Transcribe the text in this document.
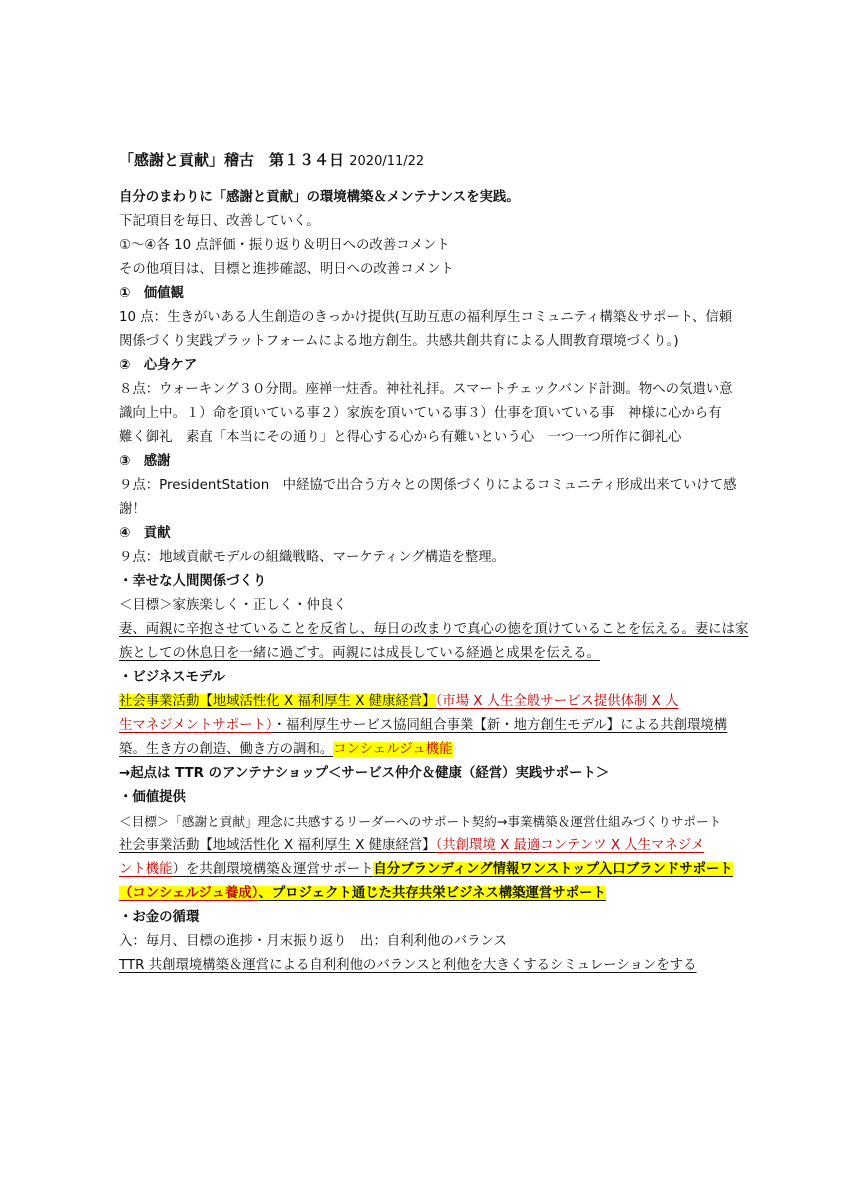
「感謝と貢献」稽古　第１３４日 2020/11/22
自分のまわりに「感謝と貢献」の環境構築＆メンテナンスを実践。
下記項目を毎日、改善していく。
①～④各 10 点評価・振り返り＆明日への改善コメント
その他項目は、目標と進捗確認、明日への改善コメント
①　価値観
10 点：生きがいある人生創造のきっかけ提供(互助互恵の福利厚生コミュニティ構築＆サポート、信頼
関係づくり実践プラットフォームによる地方創生。共感共創共育による人間教育環境づくり。)
②　心身ケア
８点：ウォーキング３０分間。座禅一炷香。神社礼拝。スマートチェックバンド計測。物への気遣い意
識向上中。１）命を頂いている事２）家族を頂いている事３）仕事を頂いている事　神様に心から有
難く御礼　素直「本当にその通り」と得心する心から有難いという心　一つ一つ所作に御礼心
③　感謝
９点：PresidentStation　中経協で出合う方々との関係づくりによるコミュニティ形成出来ていけて感
謝！
④　貢献
９点：地域貢献モデルの組織戦略、マーケティング構造を整理。
・幸せな人間関係づくり
＜目標＞家族楽しく・正しく・仲良く
妻、両親に辛抱させていることを反省し、毎日の改まりで真心の徳を頂けていることを伝える。妻には家
族としての休息日を一緒に過ごす。両親には成長している経過と成果を伝える。
・ビジネスモデル
社会事業活動【地域活性化 X 福利厚生 X 健康経営】（市場 X 人生全般サービス提供体制 X 人
生マネジメントサポート）・福利厚生サービス協同組合事業【新・地方創生モデル】による共創環境構
築。生き方の創造、働き方の調和。コンシェルジュ機能
→起点は TTR のアンテナショップ＜サービス仲介＆健康（経営）実践サポート＞
・価値提供
＜目標＞「感謝と貢献」理念に共感するリーダーへのサポート契約→事業構築＆運営仕組みづくりサポート
社会事業活動【地域活性化 X 福利厚生 X 健康経営】（共創環境 X 最適コンテンツ X 人生マネジメ
ント機能）を共創環境構築＆運営サポート自分ブランディング情報ワンストップ入口ブランドサポート
（コンシェルジュ養成）、プロジェクト通じた共存共栄ビジネス構築運営サポート
・お金の循環
入：毎月、目標の進捗・月末振り返り　出：自利利他のバランス
TTR 共創環境構築＆運営による自利利他のバランスと利他を大きくするシミュレーションをする
